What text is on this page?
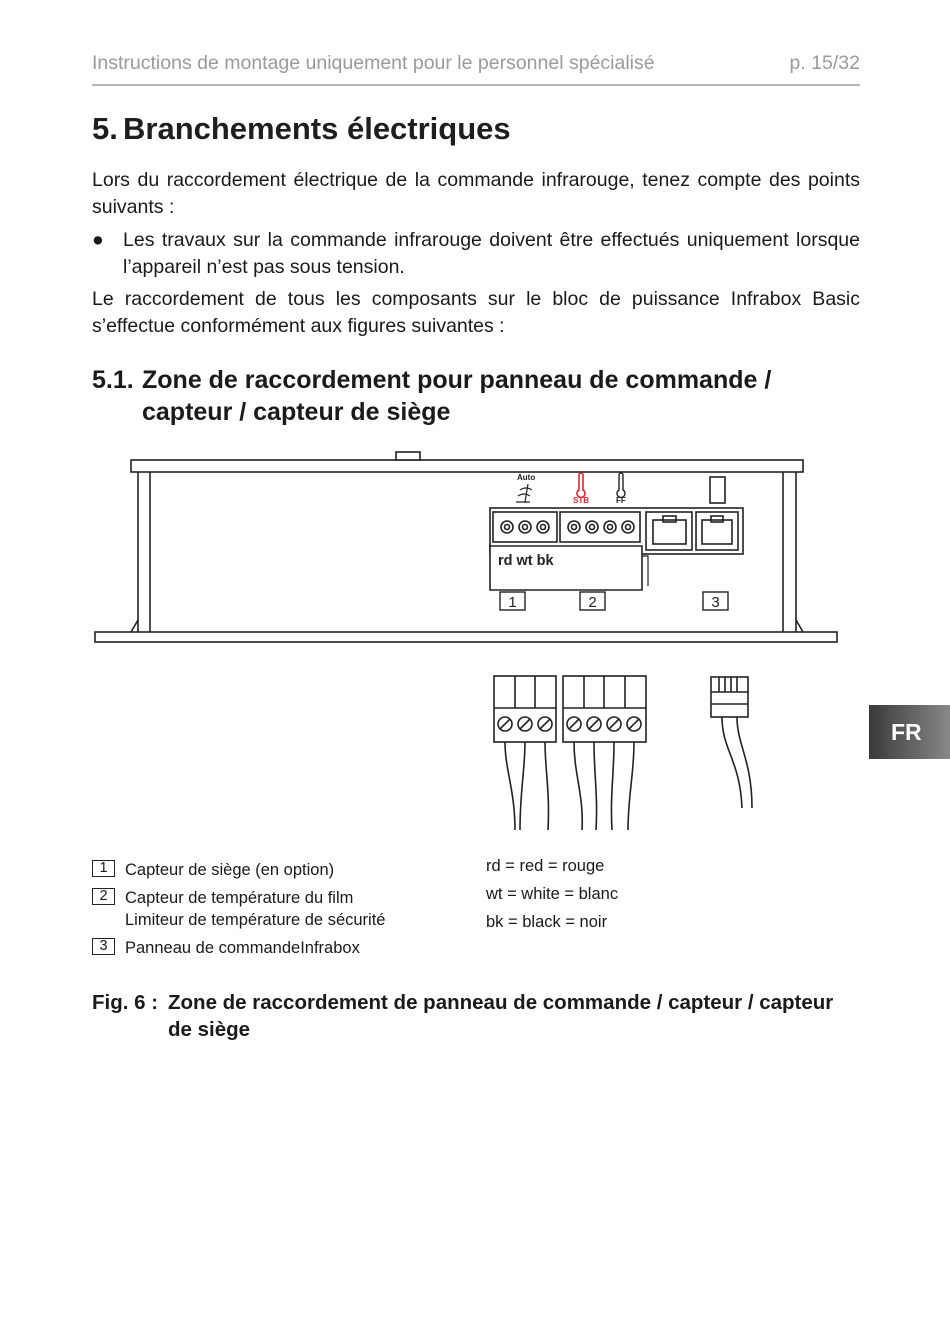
Instructions de montage uniquement pour le personnel spécialisé	p. 15/32
5. Branchements électriques
Lors du raccordement électrique de la commande infrarouge, tenez compte des points suivants :
● Les travaux sur la commande infrarouge doivent être effectués uniquement lorsque l’appareil n’est pas sous tension.
Le raccordement de tous les composants sur le bloc de puissance Infrabox Basic s’effectue conformément aux figures suivantes :
5.1. Zone de raccordement pour panneau de commande / capteur / capteur de siège
Auto
STB	FF
rd wt bk
1	2	3
FR
1	Capteur de siège (en option)
2	Capteur de température du film
Limiteur de température de sécurité
3	Panneau de commandeInfrabox
rd = red = rouge
wt = white = blanc
bk = black = noir
Fig. 6 : Zone de raccordement de panneau de commande / capteur / capteur de siège
